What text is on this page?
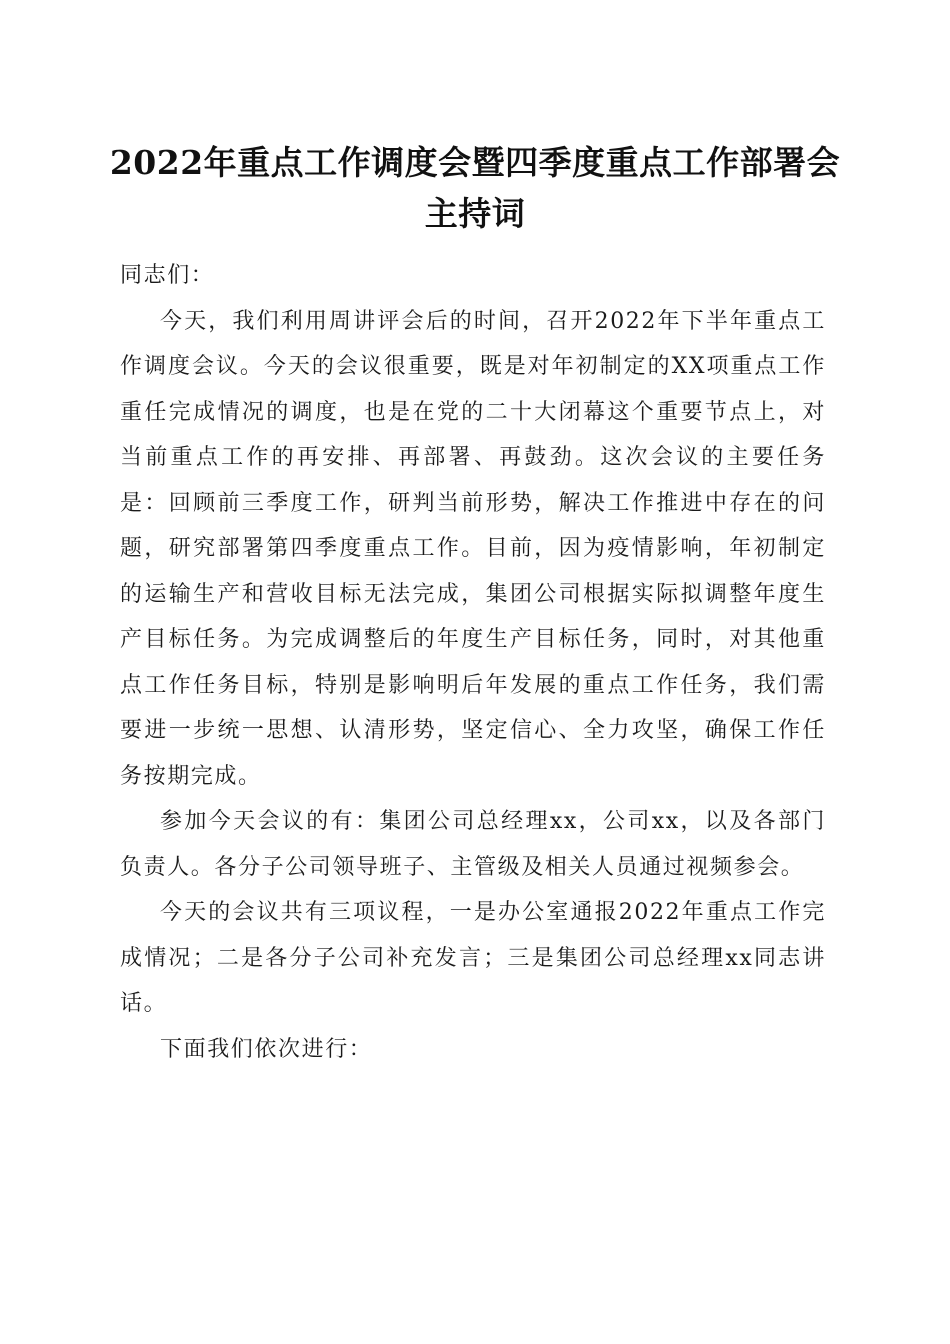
2022年重点工作调度会暨四季度重点工作部署会主持词

同志们：

今天，我们利用周讲评会后的时间，召开2022年下半年重点工作调度会议。今天的会议很重要，既是对年初制定的XX项重点工作重任完成情况的调度，也是在党的二十大闭幕这个重要节点上，对当前重点工作的再安排、再部署、再鼓劲。这次会议的主要任务是：回顾前三季度工作，研判当前形势，解决工作推进中存在的问题，研究部署第四季度重点工作。目前，因为疫情影响，年初制定的运输生产和营收目标无法完成，集团公司根据实际拟调整年度生产目标任务。为完成调整后的年度生产目标任务，同时，对其他重点工作任务目标，特别是影响明后年发展的重点工作任务，我们需要进一步统一思想、认清形势，坚定信心、全力攻坚，确保工作任务按期完成。

参加今天会议的有：集团公司总经理xx，公司xx，以及各部门负责人。各分子公司领导班子、主管级及相关人员通过视频参会。

今天的会议共有三项议程，一是办公室通报2022年重点工作完成情况；二是各分子公司补充发言；三是集团公司总经理xx同志讲话。

下面我们依次进行：
